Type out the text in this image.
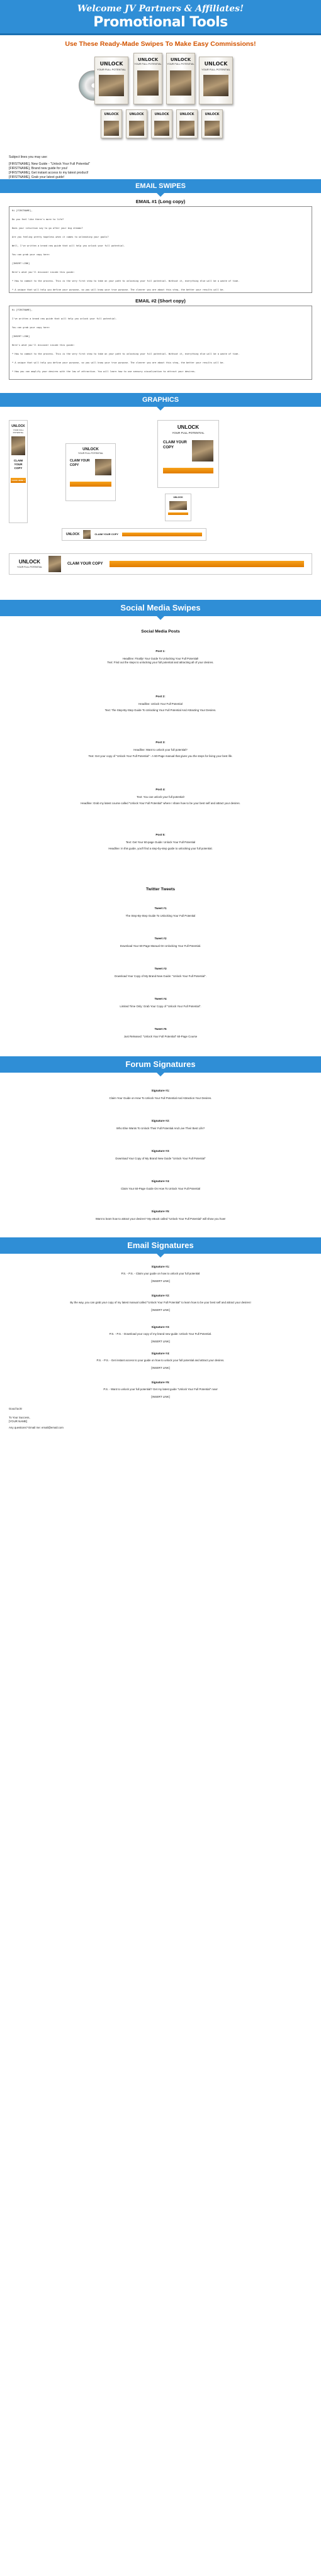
Welcome JV Partners & Affiliates!
Promotional Tools
Use These Ready-Made Swipes To Make Easy Commissions!
UNLOCK
YOUR FULL POTENTIAL
UNLOCK
YOUR FULL POTENTIAL
UNLOCK
YOUR FULL POTENTIAL	UNLOCK
YOUR FULL POTENTIAL
UNLOCK	UNLOCK	UNLOCK	UNLOCK	UNLOCK
Subject lines you may use:
[FIRSTNAME], New Guide - "Unlock Your Full Potential"
[FIRSTNAME], Brand new guide for you!
[FIRSTNAME], Get instant access to my latest product!
[FIRSTNAME], Grab your latest guide!
EMAIL SWIPES
EMAIL #1 (Long copy)
Hi [FIRSTNAME],

Do you feel like there's more to life?

Does your intuition say to go after your big dreams?

Are you feeling pretty hopeless when it comes to unleashing your goals?

Well, I've written a brand new guide that will help you unlock your full potential.

You can grab your copy here:

[INSERT LINK]

Here's what you'll discover inside this guide:

* How to commit to the process. This is the very first step to take on your path to unlocking your full potential. Without it, everything else will be a waste of time.

* A unique that will help you define your purpose, so you will know your true purpose. The clearer you are about this step, the better your results will be.

EMAIL #2 (Short copy)
Hi [FIRSTNAME],

I've written a brand new guide that will help you unlock your full potential.

You can grab your copy here:

[INSERT LINK]

Here's what you'll discover inside this guide:

* How to commit to the process. This is the very first step to take on your path to unlocking your full potential. Without it, everything else will be a waste of time.

* A unique that will help you define your purpose, so you will know your true purpose. The clearer you are about this step, the better your results will be.

* How you can amplify your desires with the law of attraction. You will learn how to use sensory visualization to attract your desires.

GRAPHICS
UNLOCK
YOUR FULL POTENTIAL
CLAIM YOUR COPY
CLICK HERE >
UNLOCK
YOUR FULL POTENTIAL
CLAIM YOUR COPY
UNLOCK
YOUR FULL POTENTIAL
CLAIM YOUR COPY
UNLOCK
UNLOCK	CLAIM YOUR COPY
UNLOCK
YOUR FULL POTENTIAL
CLAIM YOUR COPY
Social Media Swipes
Social Media Posts
Post 1:
Headline: Finally! Your Guide To Unlocking Your Full Potential!
Text: Find out the steps to unlocking your full potential and attracting all of your desires.
Post 2:
Headline: Unlock Your Full Potential
Text: The Step-By-Step Guide To Unlocking Your Full Potential And Attracting Your Desires.
Post 3:
Headline: Want to unlock your full potential?
Text: Get your copy of "Unlock Your Full Potential" - A 60-Page manual that gives you the steps for living your best life.
Post 4:
Text: You can unlock your full potential!
Headline: Grab my latest course called "Unlock Your Full Potential" where I share how to be your best self and attract your desires.
Post 5:
Text: Get Your 60-page Guide: Unlock Your Full Potential
Headline: In this guide, you'll find a step-by-step guide to unlocking your full potential.
Twitter Tweets
Tweet #1
The Step-By-Step Guide To Unlocking Your Full Potential
Tweet #2
Download Your 60-Page Manual On Unlocking Your Full Potential.
Tweet #3
Download Your Copy of My Brand New Guide: "Unlock Your Full Potential".
Tweet #4
Limited Time Only: Grab Your Copy of "Unlock Your Full Potential".
Tweet #5
Just Released: "Unlock Your Full Potential" 60-Page Course
Forum Signatures
Signature #1:
Claim Your Guide on How To Unlock Your Full Potential And Attraction Your Desires.
Signature #2:
Who Else Wants To Unlock Their Full Potential And Live Their Best Life?
Signature #3:
Download Your Copy of My Brand New Guide "Unlock Your Full Potential"
Signature #4:
Claim Your 60-Page Guide On How To Unlock Your Full Potential
Signature #5:
Want to learn how to attract your desires? My eBook called "Unlock Your Full Potential" will show you how!
Email Signatures
Signature #1:
P.S. - P.S. - Claim your guide on how to unlock your full potential
[INSERT LINK]
Signature #2:
By the way, you can grab your copy of my latest manual called "Unlock Your Full Potential" to learn how to be your best self and attract your desires!
[INSERT LINK]
Signature #3:
P.S. - P.S. - Download your copy of my brand new guide: Unlock Your Full Potential.
[INSERT LINK]
Signature #4:
P.S. - P.S. - Get instant access to your guide on how to unlock your full potential and attract your desires.
[INSERT LINK]
Signature #5:
P.S. - Want to unlock your full potential? Get my latest guide "Unlock Your Full Potential" now!
[INSERT LINK]
Good luck!
To Your Success,
[YOUR NAME]
Any questions? Email me: email@email.com
